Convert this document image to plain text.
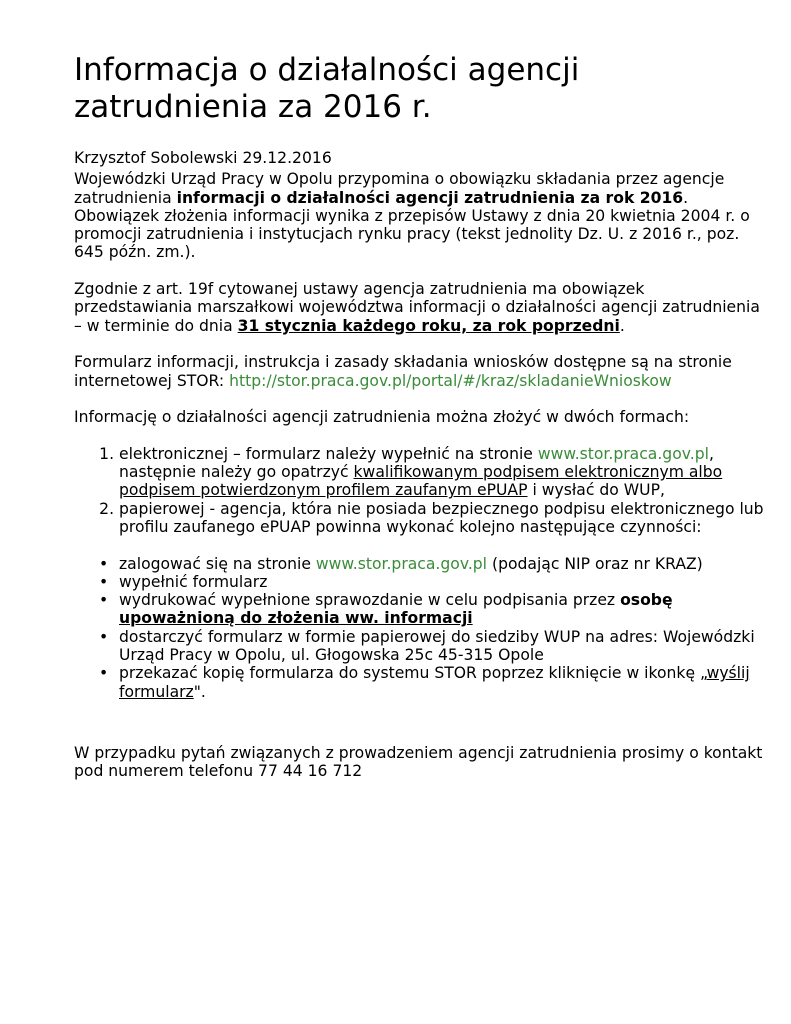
Informacja o działalności agencji zatrudnienia za 2016 r.

Krzysztof Sobolewski 29.12.2016

Wojewódzki Urząd Pracy w Opolu przypomina o obowiązku składania przez agencje zatrudnienia informacji o działalności agencji zatrudnienia za rok 2016. Obowiązek złożenia informacji wynika z przepisów Ustawy z dnia 20 kwietnia 2004 r. o promocji zatrudnienia i instytucjach rynku pracy (tekst jednolity Dz. U. z 2016 r., poz. 645 późn. zm.).

Zgodnie z art. 19f cytowanej ustawy agencja zatrudnienia ma obowiązek przedstawiania marszałkowi województwa informacji o działalności agencji zatrudnienia – w terminie do dnia 31 stycznia każdego roku, za rok poprzedni.

Formularz informacji, instrukcja i zasady składania wniosków dostępne są na stronie internetowej STOR: http://stor.praca.gov.pl/portal/#/kraz/skladanieWnioskow

Informację o działalności agencji zatrudnienia można złożyć w dwóch formach:

1. elektronicznej – formularz należy wypełnić na stronie www.stor.praca.gov.pl, następnie należy go opatrzyć kwalifikowanym podpisem elektronicznym albo podpisem potwierdzonym profilem zaufanym ePUAP i wysłać do WUP,
2. papierowej - agencja, która nie posiada bezpiecznego podpisu elektronicznego lub profilu zaufanego ePUAP powinna wykonać kolejno następujące czynności:
• zalogować się na stronie www.stor.praca.gov.pl (podając NIP oraz nr KRAZ)
• wypełnić formularz
• wydrukować wypełnione sprawozdanie w celu podpisania przez osobę upoważnioną do złożenia ww. informacji
• dostarczyć formularz w formie papierowej do siedziby WUP na adres: Wojewódzki Urząd Pracy w Opolu, ul. Głogowska 25c 45-315 Opole
• przekazać kopię formularza do systemu STOR poprzez kliknięcie w ikonkę „wyślij formularz".

W przypadku pytań związanych z prowadzeniem agencji zatrudnienia prosimy o kontakt pod numerem telefonu 77 44 16 712
